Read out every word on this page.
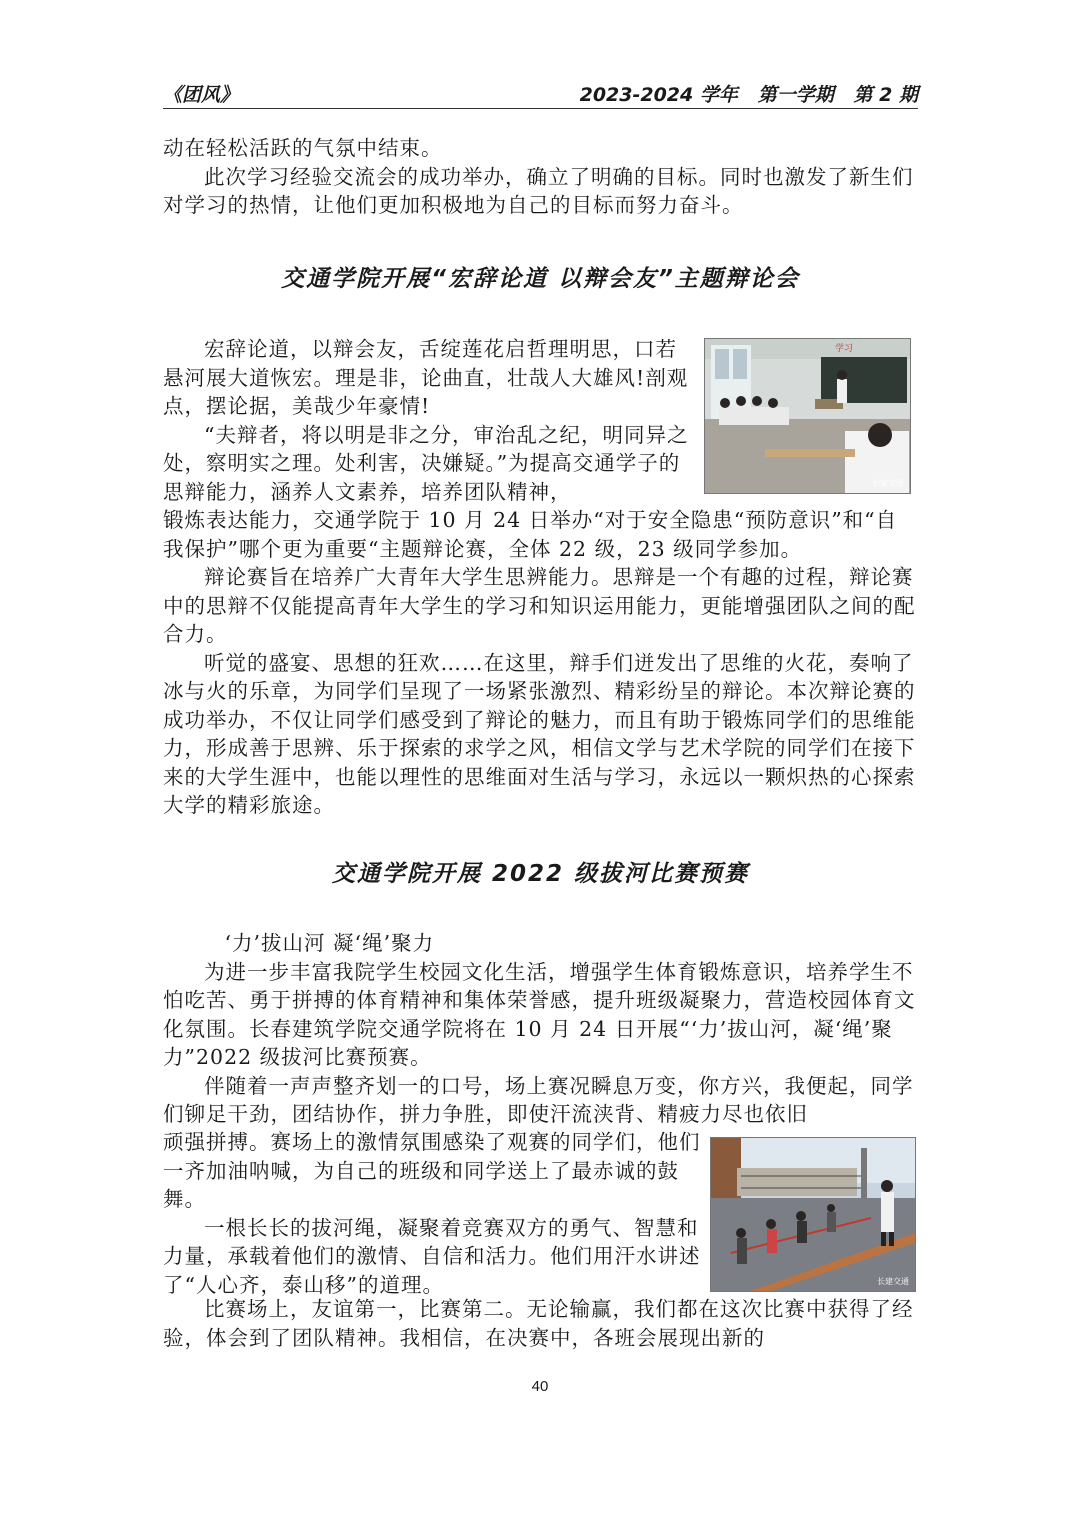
《团风》	2023-2024 学年   第一学期   第 2 期

动在轻松活跃的气氛中结束。

此次学习经验交流会的成功举办，确立了明确的目标。同时也激发了新生们对学习的热情，让他们更加积极地为自己的目标而努力奋斗。

交通学院开展“宏辞论道 以辩会友”主题辩论会

宏辞论道，以辩会友，舌绽莲花启哲理明思，口若悬河展大道恢宏。理是非，论曲直，壮哉人大雄风!剖观点，摆论据，美哉少年豪情!

“夫辩者，将以明是非之分，审治乱之纪，明同异之处，察明实之理。处利害，决嫌疑。”为提高交通学子的思辩能力，涵养人文素养，培养团队精神，

学习
长建交通

锻炼表达能力，交通学院于 10 月 24 日举办“对于安全隐患“预防意识”和“自我保护”哪个更为重要“主题辩论赛，全体 22 级，23 级同学参加。

辩论赛旨在培养广大青年大学生思辨能力。思辩是一个有趣的过程，辩论赛中的思辩不仅能提高青年大学生的学习和知识运用能力，更能增强团队之间的配合力。

听觉的盛宴、思想的狂欢……在这里，辩手们迸发出了思维的火花，奏响了冰与火的乐章，为同学们呈现了一场紧张激烈、精彩纷呈的辩论。本次辩论赛的成功举办，不仅让同学们感受到了辩论的魅力，而且有助于锻炼同学们的思维能力，形成善于思辨、乐于探索的求学之风，相信文学与艺术学院的同学们在接下来的大学生涯中，也能以理性的思维面对生活与学习，永远以一颗炽热的心探索大学的精彩旅途。

交通学院开展 2022 级拔河比赛预赛

‘力’拔山河 凝‘绳’聚力

为进一步丰富我院学生校园文化生活，增强学生体育锻炼意识，培养学生不怕吃苦、勇于拼搏的体育精神和集体荣誉感，提升班级凝聚力，营造校园体育文化氛围。长春建筑学院交通学院将在 10 月 24 日开展“‘力’拔山河，凝‘绳’聚力”2022 级拔河比赛预赛。

伴随着一声声整齐划一的口号，场上赛况瞬息万变，你方兴，我便起，同学们铆足干劲，团结协作，拼力争胜，即使汗流浃背、精疲力尽也依旧

顽强拼搏。赛场上的激情氛围感染了观赛的同学们，他们一齐加油呐喊，为自己的班级和同学送上了最赤诚的鼓舞。

一根长长的拔河绳，凝聚着竞赛双方的勇气、智慧和力量，承载着他们的激情、自信和活力。他们用汗水讲述了“人心齐，泰山移”的道理。	长建交通

比赛场上，友谊第一，比赛第二。无论输赢，我们都在这次比赛中获得了经验，体会到了团队精神。我相信，在决赛中，各班会展现出新的

40
